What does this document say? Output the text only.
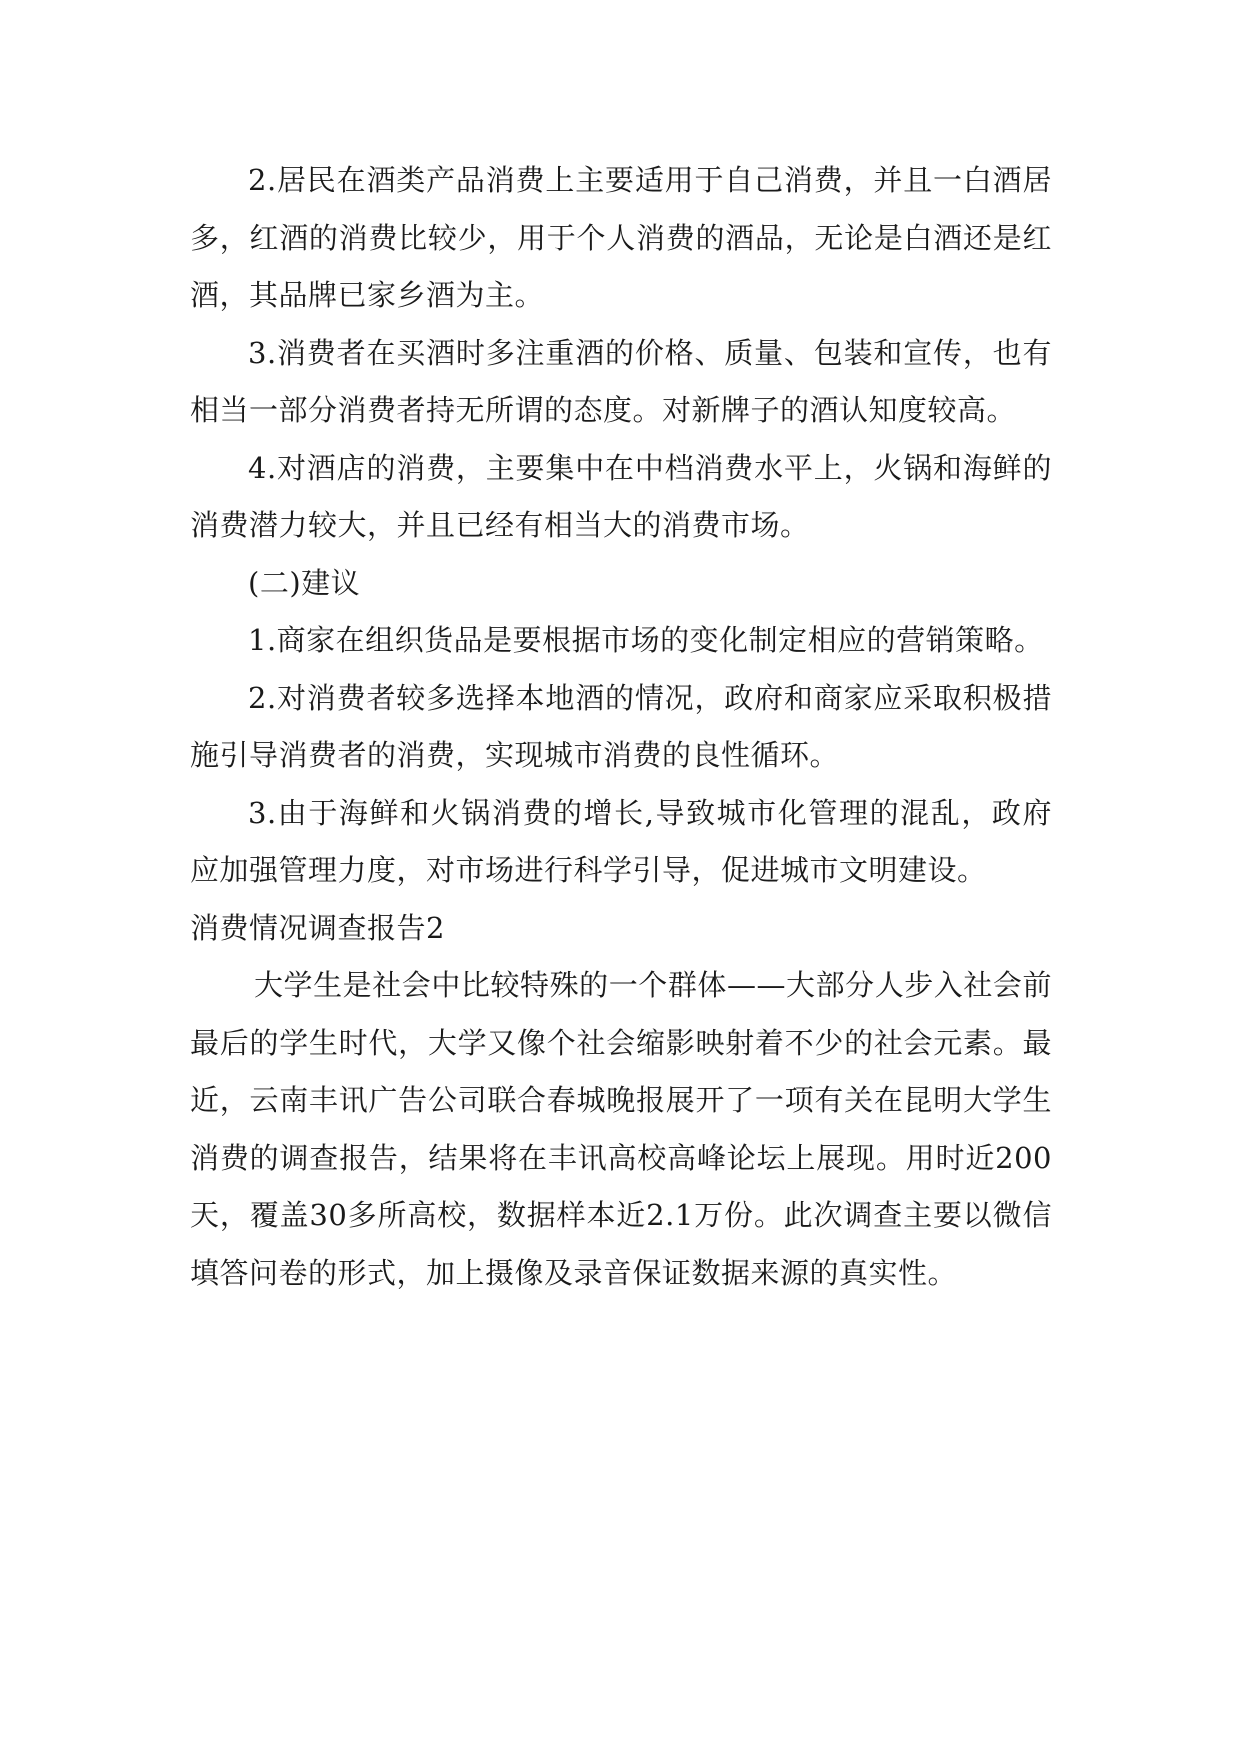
2.居民在酒类产品消费上主要适用于自己消费，并且一白酒居多，红酒的消费比较少，用于个人消费的酒品，无论是白酒还是红酒，其品牌已家乡酒为主。

3.消费者在买酒时多注重酒的价格、质量、包装和宣传，也有相当一部分消费者持无所谓的态度。对新牌子的酒认知度较高。

4.对酒店的消费，主要集中在中档消费水平上，火锅和海鲜的消费潜力较大，并且已经有相当大的消费市场。

(二)建议

1.商家在组织货品是要根据市场的变化制定相应的营销策略。

2.对消费者较多选择本地酒的情况，政府和商家应采取积极措施引导消费者的消费，实现城市消费的良性循环。

3.由于海鲜和火锅消费的增长,导致城市化管理的混乱，政府应加强管理力度，对市场进行科学引导，促进城市文明建设。

消费情况调查报告2

大学生是社会中比较特殊的一个群体——大部分人步入社会前最后的学生时代，大学又像个社会缩影映射着不少的社会元素。最近，云南丰讯广告公司联合春城晚报展开了一项有关在昆明大学生消费的调查报告，结果将在丰讯高校高峰论坛上展现。用时近200天，覆盖30多所高校，数据样本近2.1万份。此次调查主要以微信填答问卷的形式，加上摄像及录音保证数据来源的真实性。
